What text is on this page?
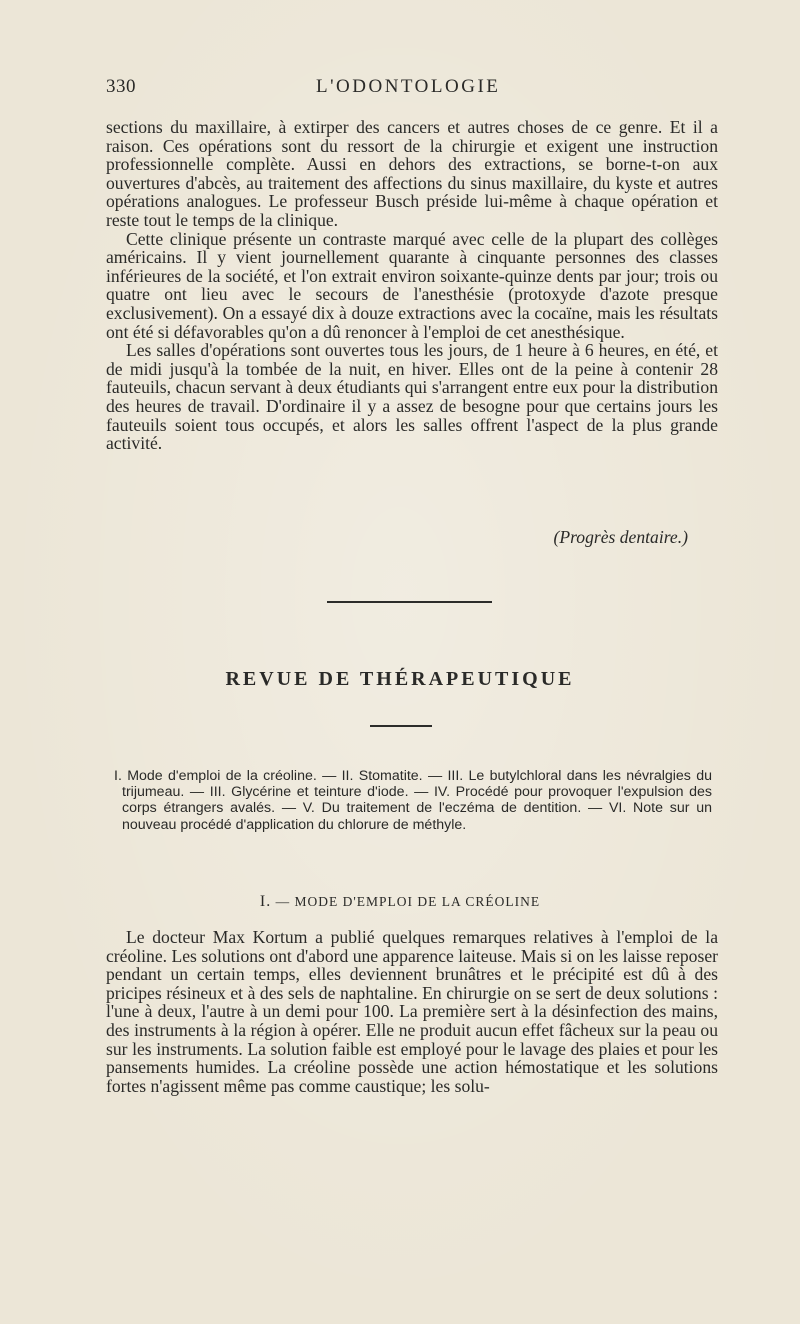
330	L'ODONTOLOGIE

sections du maxillaire, à extirper des cancers et autres choses de ce genre. Et il a raison. Ces opérations sont du ressort de la chirurgie et exigent une instruction professionnelle complète. Aussi en dehors des extractions, se borne-t-on aux ouvertures d'abcès, au traitement des affections du sinus maxillaire, du kyste et autres opérations analogues. Le professeur Busch préside lui-même à chaque opération et reste tout le temps de la clinique.

Cette clinique présente un contraste marqué avec celle de la plupart des collèges américains. Il y vient journellement quarante à cinquante personnes des classes inférieures de la société, et l'on extrait environ soixante-quinze dents par jour; trois ou quatre ont lieu avec le secours de l'anesthésie (protoxyde d'azote presque exclusivement). On a essayé dix à douze extractions avec la cocaïne, mais les résultats ont été si défavorables qu'on a dû renoncer à l'emploi de cet anesthésique.

Les salles d'opérations sont ouvertes tous les jours, de 1 heure à 6 heures, en été, et de midi jusqu'à la tombée de la nuit, en hiver. Elles ont de la peine à contenir 28 fauteuils, chacun servant à deux étudiants qui s'arrangent entre eux pour la distribution des heures de travail. D'ordinaire il y a assez de besogne pour que certains jours les fauteuils soient tous occupés, et alors les salles offrent l'aspect de la plus grande activité.

(Progrès dentaire.)
REVUE DE THÉRAPEUTIQUE

I. Mode d'emploi de la créoline. — II. Stomatite. — III. Le butylchloral dans les névralgies du trijumeau. — III. Glycérine et teinture d'iode. — IV. Procédé pour provoquer l'expulsion des corps étrangers avalés. — V. Du traitement de l'eczéma de dentition. — VI. Note sur un nouveau procédé d'application du chlorure de méthyle.

I. — MODE D'EMPLOI DE LA CRÉOLINE

Le docteur Max Kortum a publié quelques remarques relatives à l'emploi de la créoline. Les solutions ont d'abord une apparence laiteuse. Mais si on les laisse reposer pendant un certain temps, elles deviennent brunâtres et le précipité est dû à des pricipes résineux et à des sels de naphtaline. En chirurgie on se sert de deux solutions : l'une à deux, l'autre à un demi pour 100. La première sert à la désinfection des mains, des instruments à la région à opérer. Elle ne produit aucun effet fâcheux sur la peau ou sur les instruments. La solution faible est employé pour le lavage des plaies et pour les pansements humides. La créoline possède une action hémostatique et les solutions fortes n'agissent même pas comme caustique; les solu-
